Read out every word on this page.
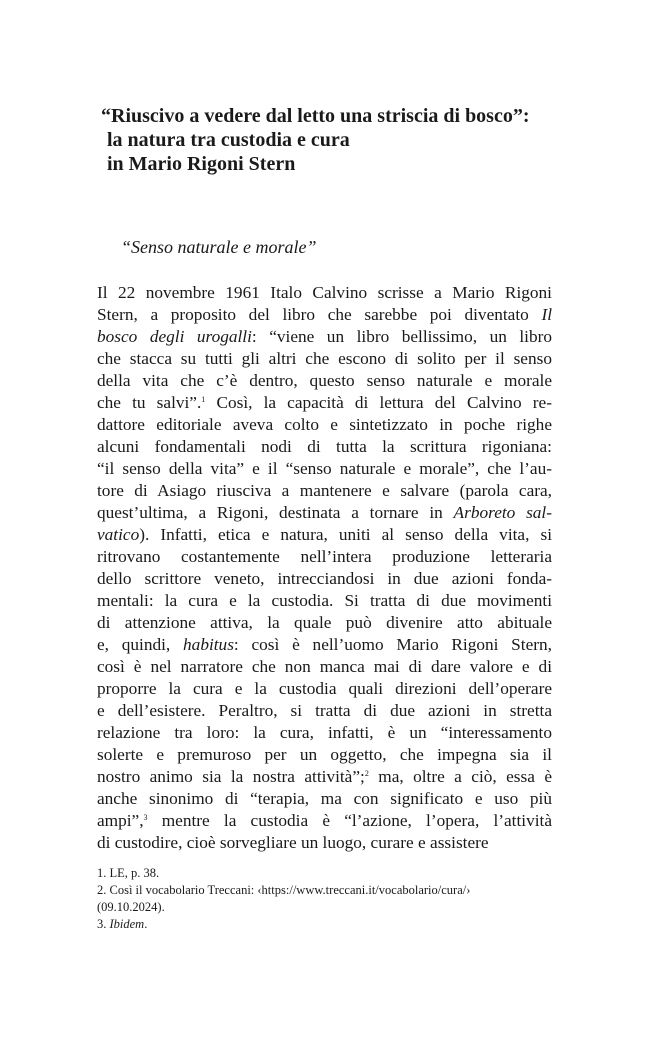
“Riuscivo a vedere dal letto una striscia di bosco”:
la natura tra custodia e cura
in Mario Rigoni Stern
“Senso naturale e morale”
Il 22 novembre 1961 Italo Calvino scrisse a Mario Rigoni
Stern, a proposito del libro che sarebbe poi diventato Il
bosco degli urogalli: “viene un libro bellissimo, un libro
che stacca su tutti gli altri che escono di solito per il senso
della vita che c’è dentro, questo senso naturale e morale
che tu salvi”.$^1$ Così, la capacità di lettura del Calvino re-
dattore editoriale aveva colto e sintetizzato in poche righe
alcuni fondamentali nodi di tutta la scrittura rigoniana:
“il senso della vita” e il “senso naturale e morale”, che l’au-
tore di Asiago riusciva a mantenere e salvare (parola cara,
quest’ultima, a Rigoni, destinata a tornare in Arboreto sal-
vatico). Infatti, etica e natura, uniti al senso della vita, si
ritrovano costantemente nell’intera produzione letteraria
dello scrittore veneto, intrecciandosi in due azioni fonda-
mentali: la cura e la custodia. Si tratta di due movimenti
di attenzione attiva, la quale può divenire atto abituale
e, quindi, habitus: così è nell’uomo Mario Rigoni Stern,
così è nel narratore che non manca mai di dare valore e di
proporre la cura e la custodia quali direzioni dell’operare
e dell’esistere. Peraltro, si tratta di due azioni in stretta
relazione tra loro: la cura, infatti, è un “interessamento
solerte e premuroso per un oggetto, che impegna sia il
nostro animo sia la nostra attività”;$^2$ ma, oltre a ciò, essa è
anche sinonimo di “terapia, ma con significato e uso più
ampi”,$^3$ mentre la custodia è “l’azione, l’opera, l’attività
di custodire, cioè sorvegliare un luogo, curare e assistere
1. LE, p. 38.
2. Così il vocabolario Treccani: ‹https://www.treccani.it/vocabolario/cura/›
(09.10.2024).
3. Ibidem.
